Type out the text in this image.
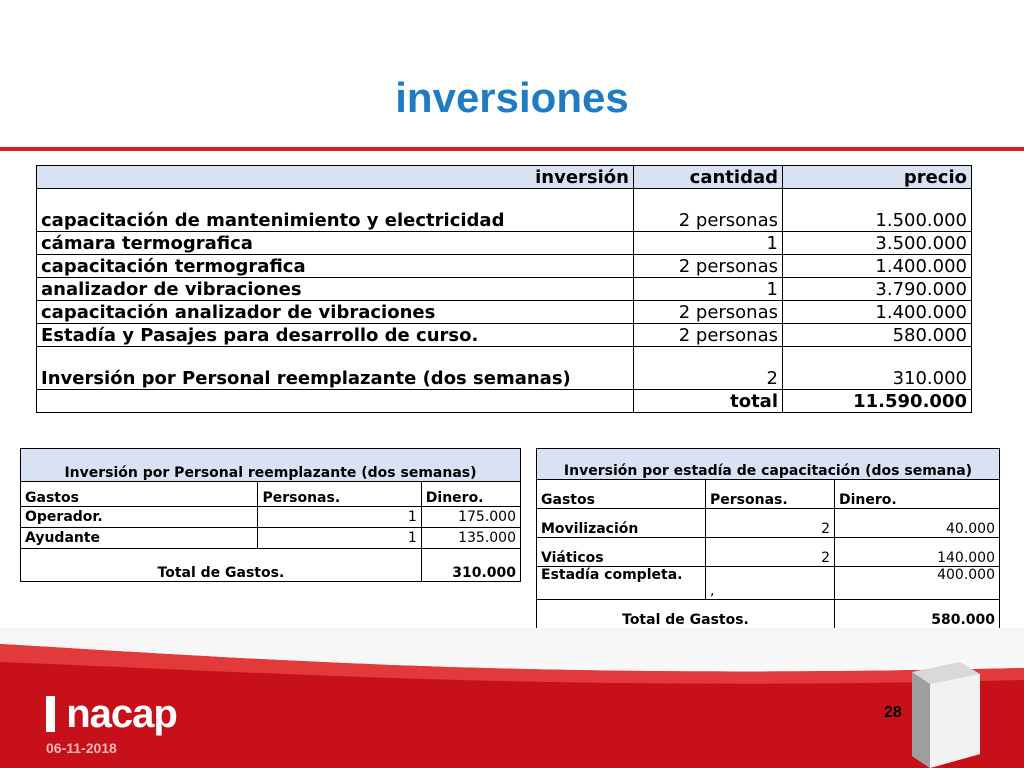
inversiones
inversión	cantidad	precio
capacitación de mantenimiento y electricidad	2 personas	1.500.000
cámara termografica	1	3.500.000
capacitación termografica	2 personas	1.400.000
analizador de vibraciones	1	3.790.000
capacitación analizador de vibraciones	2 personas	1.400.000
Estadía y Pasajes para desarrollo de curso.	2 personas	580.000
Inversión por Personal reemplazante (dos semanas)	2	310.000
	total	11.590.000
Inversión por Personal reemplazante (dos semanas)		
Gastos	Personas.	Dinero.
Operador.	1	175.000
Ayudante	1	135.000
Total de Gastos.		310.000
Inversión por estadía de capacitación (dos semana)		
Gastos	Personas.	Dinero.
Movilización	2	40.000
Viáticos	2	140.000
Estadía completa.	,	400.000
Total de Gastos.		580.000
nacap
06-11-2018
28
